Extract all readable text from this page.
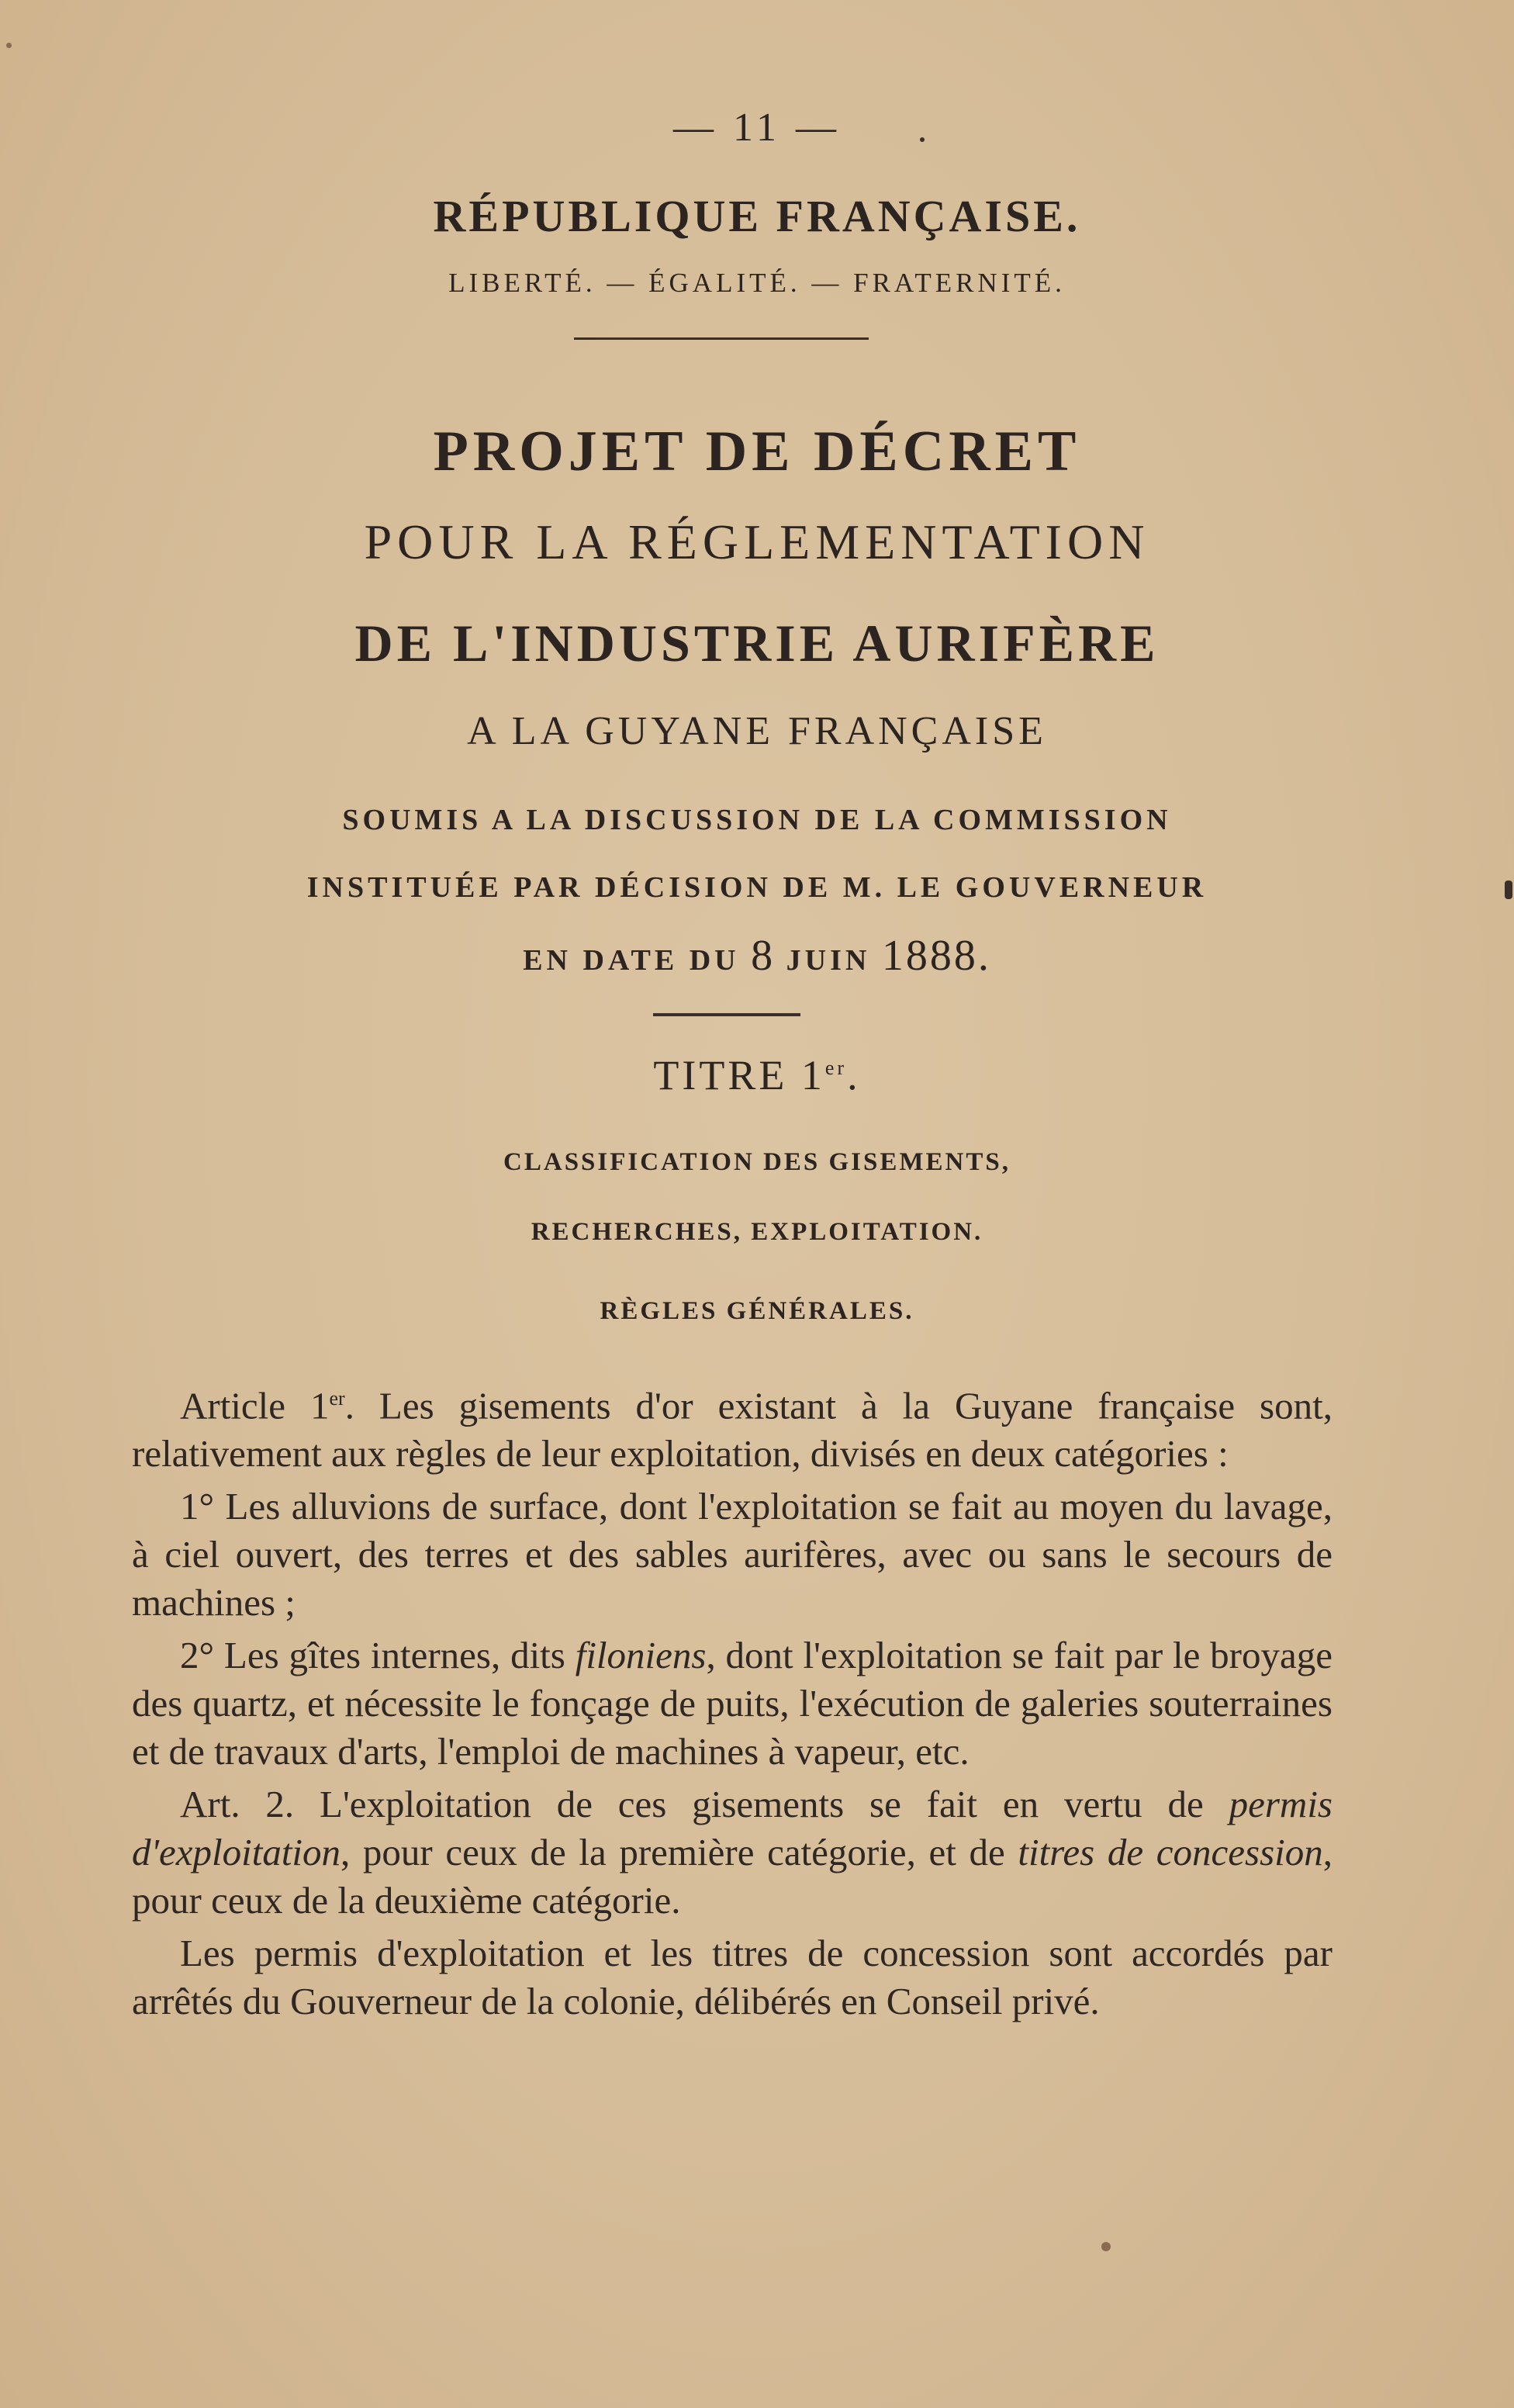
— 11 —
RÉPUBLIQUE FRANÇAISE.
LIBERTÉ. — ÉGALITÉ. — FRATERNITÉ.
PROJET DE DÉCRET
POUR LA RÉGLEMENTATION
DE L'INDUSTRIE AURIFÈRE
A LA GUYANE FRANÇAISE
SOUMIS A LA DISCUSSION DE LA COMMISSION
INSTITUÉE PAR DÉCISION DE M. LE GOUVERNEUR
EN DATE DU 8 JUIN 1888.
TITRE 1er.
CLASSIFICATION DES GISEMENTS,
RECHERCHES, EXPLOITATION.
RÈGLES GÉNÉRALES.

Article 1er. Les gisements d'or existant à la Guyane française sont, relativement aux règles de leur exploitation, divisés en deux catégories :

1° Les alluvions de surface, dont l'exploitation se fait au moyen du lavage, à ciel ouvert, des terres et des sables aurifères, avec ou sans le secours de machines ;

2° Les gîtes internes, dits filoniens, dont l'exploitation se fait par le broyage des quartz, et nécessite le fonçage de puits, l'exécution de galeries souterraines et de travaux d'arts, l'emploi de machines à vapeur, etc.

Art. 2. L'exploitation de ces gisements se fait en vertu de permis d'exploitation, pour ceux de la première catégorie, et de titres de concession, pour ceux de la deuxième catégorie.

Les permis d'exploitation et les titres de concession sont accordés par arrêtés du Gouverneur de la colonie, délibérés en Conseil privé.
